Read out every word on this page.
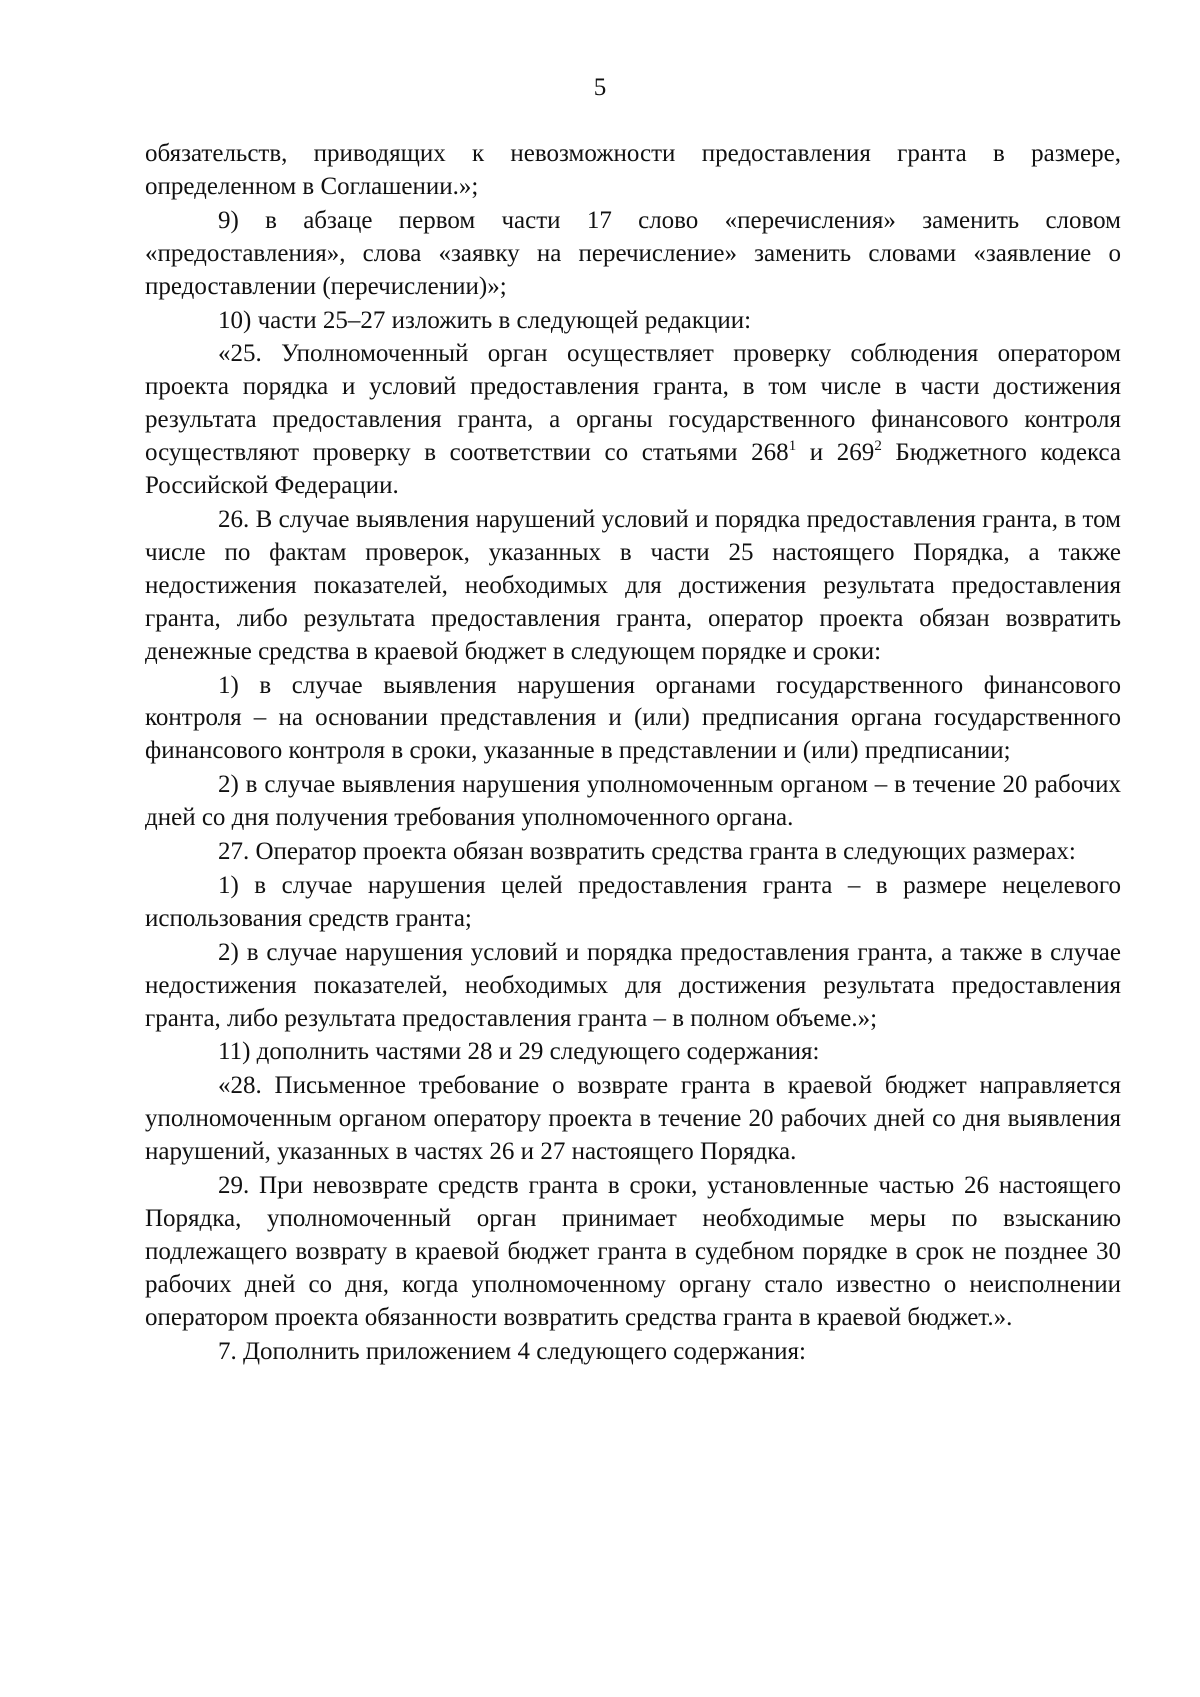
5

обязательств, приводящих к невозможности предоставления гранта в размере, определенном в Соглашении.»;

9) в абзаце первом части 17 слово «перечисления» заменить словом «предоставления», слова «заявку на перечисление» заменить словами «заявление о предоставлении (перечислении)»;

10) части 25–27 изложить в следующей редакции:

«25. Уполномоченный орган осуществляет проверку соблюдения оператором проекта порядка и условий предоставления гранта, в том числе в части достижения результата предоставления гранта, а органы государственного финансового контроля осуществляют проверку в соответствии со статьями $268^1$ и $269^2$ Бюджетного кодекса Российской Федерации.

26. В случае выявления нарушений условий и порядка предоставления гранта, в том числе по фактам проверок, указанных в части 25 настоящего Порядка, а также недостижения показателей, необходимых для достижения результата предоставления гранта, либо результата предоставления гранта, оператор проекта обязан возвратить денежные средства в краевой бюджет в следующем порядке и сроки:

1) в случае выявления нарушения органами государственного финансового контроля – на основании представления и (или) предписания органа государственного финансового контроля в сроки, указанные в представлении и (или) предписании;

2) в случае выявления нарушения уполномоченным органом – в течение 20 рабочих дней со дня получения требования уполномоченного органа.

27. Оператор проекта обязан возвратить средства гранта в следующих размерах:

1) в случае нарушения целей предоставления гранта – в размере нецелевого использования средств гранта;

2) в случае нарушения условий и порядка предоставления гранта, а также в случае недостижения показателей, необходимых для достижения результата предоставления гранта, либо результата предоставления гранта – в полном объеме.»;

11) дополнить частями 28 и 29 следующего содержания:

«28. Письменное требование о возврате гранта в краевой бюджет направляется уполномоченным органом оператору проекта в течение 20 рабочих дней со дня выявления нарушений, указанных в частях 26 и 27 настоящего Порядка.

29. При невозврате средств гранта в сроки, установленные частью 26 настоящего Порядка, уполномоченный орган принимает необходимые меры по взысканию подлежащего возврату в краевой бюджет гранта в судебном порядке в срок не позднее 30 рабочих дней со дня, когда уполномоченному органу стало известно о неисполнении оператором проекта обязанности возвратить средства гранта в краевой бюджет.».

7. Дополнить приложением 4 следующего содержания:
